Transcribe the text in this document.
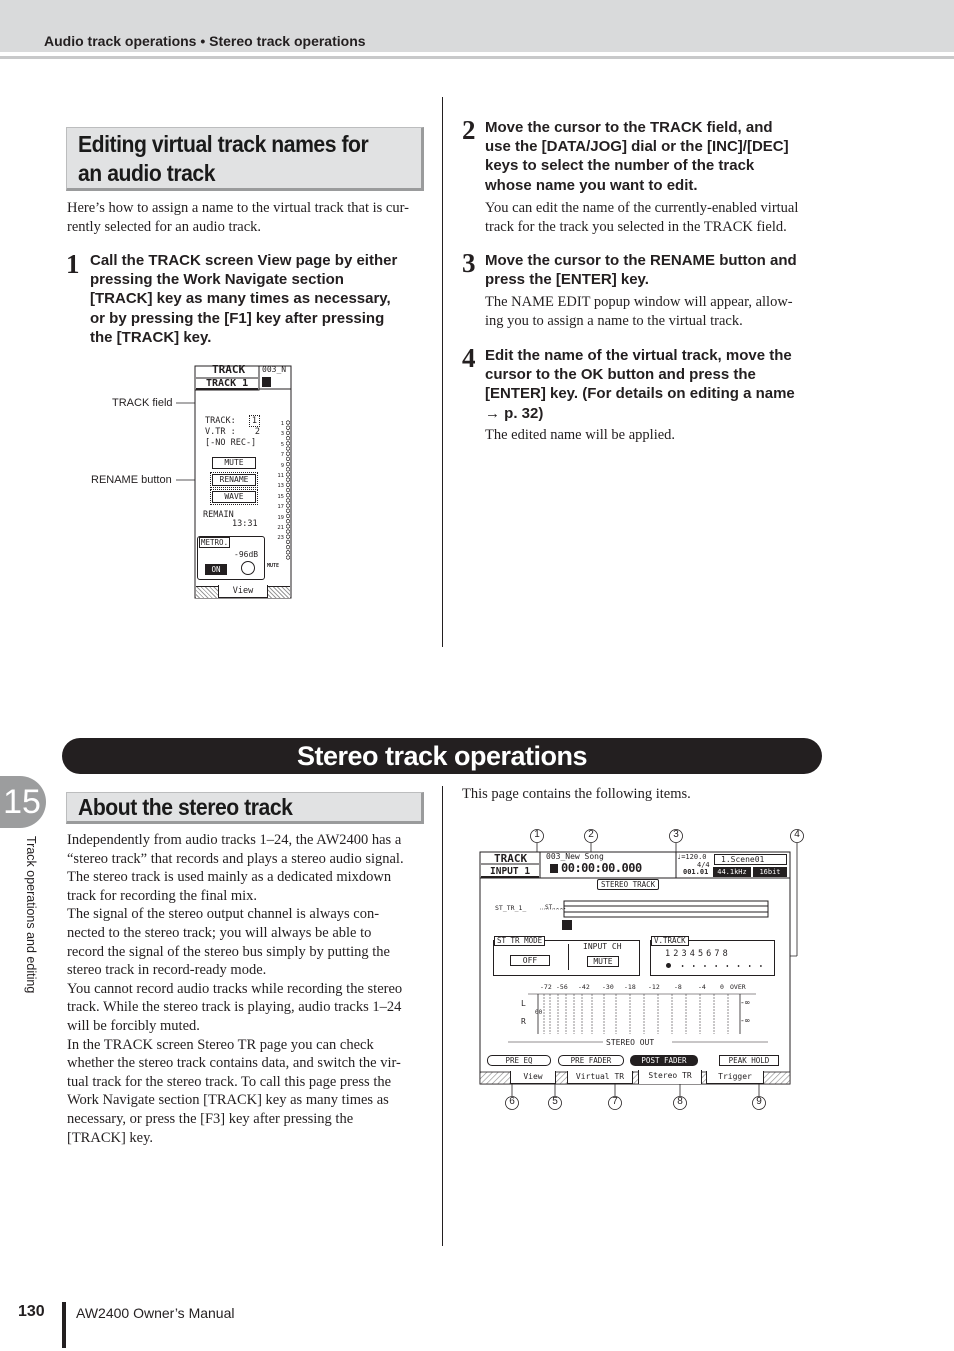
Audio track operations • Stereo track operations
Editing virtual track names for
an audio track
Here’s how to assign a name to the virtual track that is cur-
rently selected for an audio track.
1 Call the TRACK screen View page by either
pressing the Work Navigate section
[TRACK] key as many times as necessary,
or by pressing the [F1] key after pressing
the [TRACK] key.
TRACK field
RENAME button
TRACK
TRACK 1
003_N
TRACK: 1
V.TR : 2
[-NO REC-]
MUTE
RENAME
WAVE
REMAIN
13:31
METRO.
-96dB
ON
View
1
3
5
7
9
11
13
15
17
19
21
23
MUTE
2 Move the cursor to the TRACK field, and
use the [DATA/JOG] dial or the [INC]/[DEC]
keys to select the number of the track
whose name you want to edit.
You can edit the name of the currently-enabled virtual
track for the track you selected in the TRACK field.
3 Move the cursor to the RENAME button and
press the [ENTER] key.
The NAME EDIT popup window will appear, allow-
ing you to assign a name to the virtual track.
4 Edit the name of the virtual track, move the
cursor to the OK button and press the
[ENTER] key. (For details on editing a name
→ p. 32)
The edited name will be applied.
Stereo track operations
15
Track operations and editing
About the stereo track
Independently from audio tracks 1–24, the AW2400 has a
“stereo track” that records and plays a stereo audio signal.
The stereo track is used mainly as a dedicated mixdown
track for recording the final mix.
The signal of the stereo output channel is always con-
nected to the stereo track; you will always be able to
record the signal of the stereo bus simply by putting the
stereo track in record-ready mode.
You cannot record audio tracks while recording the stereo
track. While the stereo track is playing, audio tracks 1–24
will be forcibly muted.
In the TRACK screen Stereo TR page you can check
whether the stereo track contains data, and switch the vir-
tual track for the stereo track. To call this page press the
Work Navigate section [TRACK] key as many times as
necessary, or press the [F3] key after pressing the
[TRACK] key.
This page contains the following items.
1	2	3	4
6	5	7	8	9
TRACK
INPUT 1
003_New Song
00:00:00.000
♩=120.0
4/4
1.Scene01
001.01	44.1kHz	16bit
STEREO TRACK
ST_TR_1_	ST....
ST TR MODE
OFF
INPUT CH
MUTE
V.TRACK
1 2 3 4 5 6 7 8
-72 -56 -42 -30 -18 -12 -8 -4 0 OVER
L
R
00
-∞
-∞
STEREO OUT
PRE EQ	PRE FADER	POST FADER	PEAK HOLD
View	Virtual TR	Stereo TR	Trigger
130 AW2400 Owner’s Manual
